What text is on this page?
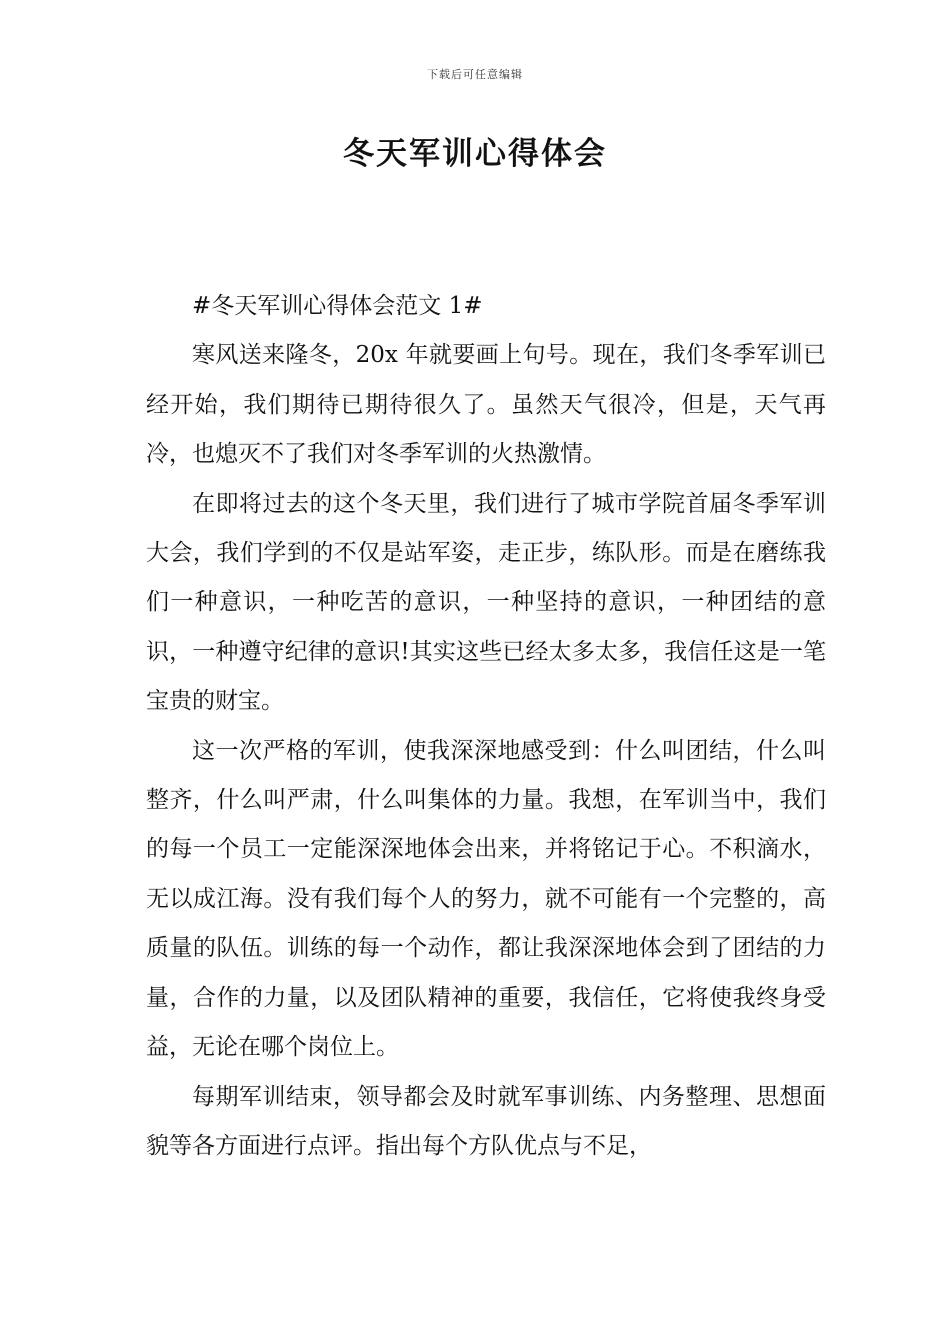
下载后可任意编辑
冬天军训心得体会

#冬天军训心得体会范文 1#

寒风送来隆冬，20x 年就要画上句号。现在，我们冬季军训已经开始，我们期待已期待很久了。虽然天气很冷，但是，天气再冷，也熄灭不了我们对冬季军训的火热激情。

在即将过去的这个冬天里，我们进行了城市学院首届冬季军训大会，我们学到的不仅是站军姿，走正步，练队形。而是在磨练我们一种意识，一种吃苦的意识，一种坚持的意识，一种团结的意识，一种遵守纪律的意识!其实这些已经太多太多，我信任这是一笔宝贵的财宝。

这一次严格的军训，使我深深地感受到：什么叫团结，什么叫整齐，什么叫严肃，什么叫集体的力量。我想，在军训当中，我们的每一个员工一定能深深地体会出来，并将铭记于心。不积滴水，无以成江海。没有我们每个人的努力，就不可能有一个完整的，高质量的队伍。训练的每一个动作，都让我深深地体会到了团结的力量，合作的力量，以及团队精神的重要，我信任，它将使我终身受益，无论在哪个岗位上。

每期军训结束，领导都会及时就军事训练、内务整理、思想面貌等各方面进行点评。指出每个方队优点与不足，
